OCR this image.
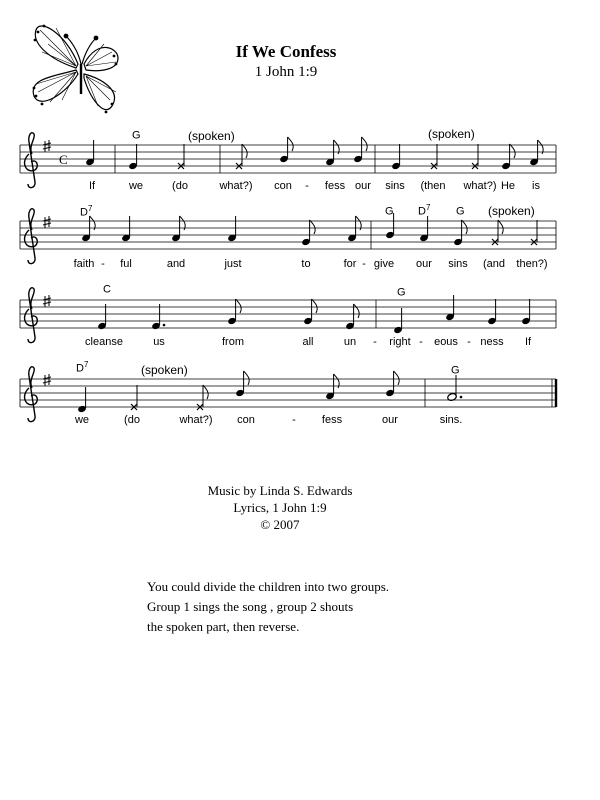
If We Confess
1 John 1:9
C
G	(spoken)	(spoken)
If	we	(do	what?) con - fess our sins (then what?) He is
$D^7$	G $D^7$ G (spoken)
faith - ful	and	just	to	for - give our sins (and then?)
C	G
cleanse	us	from	all	un - right - eous - ness If
$D^7$
G
(spoken)
we	(do	what?) con	- fess	our	sins.
Music by Linda S. Edwards
Lyrics, 1 John 1:9
© 2007
You could divide the children into two groups.
Group 1 sings the song , group 2 shouts
the spoken part, then reverse.
